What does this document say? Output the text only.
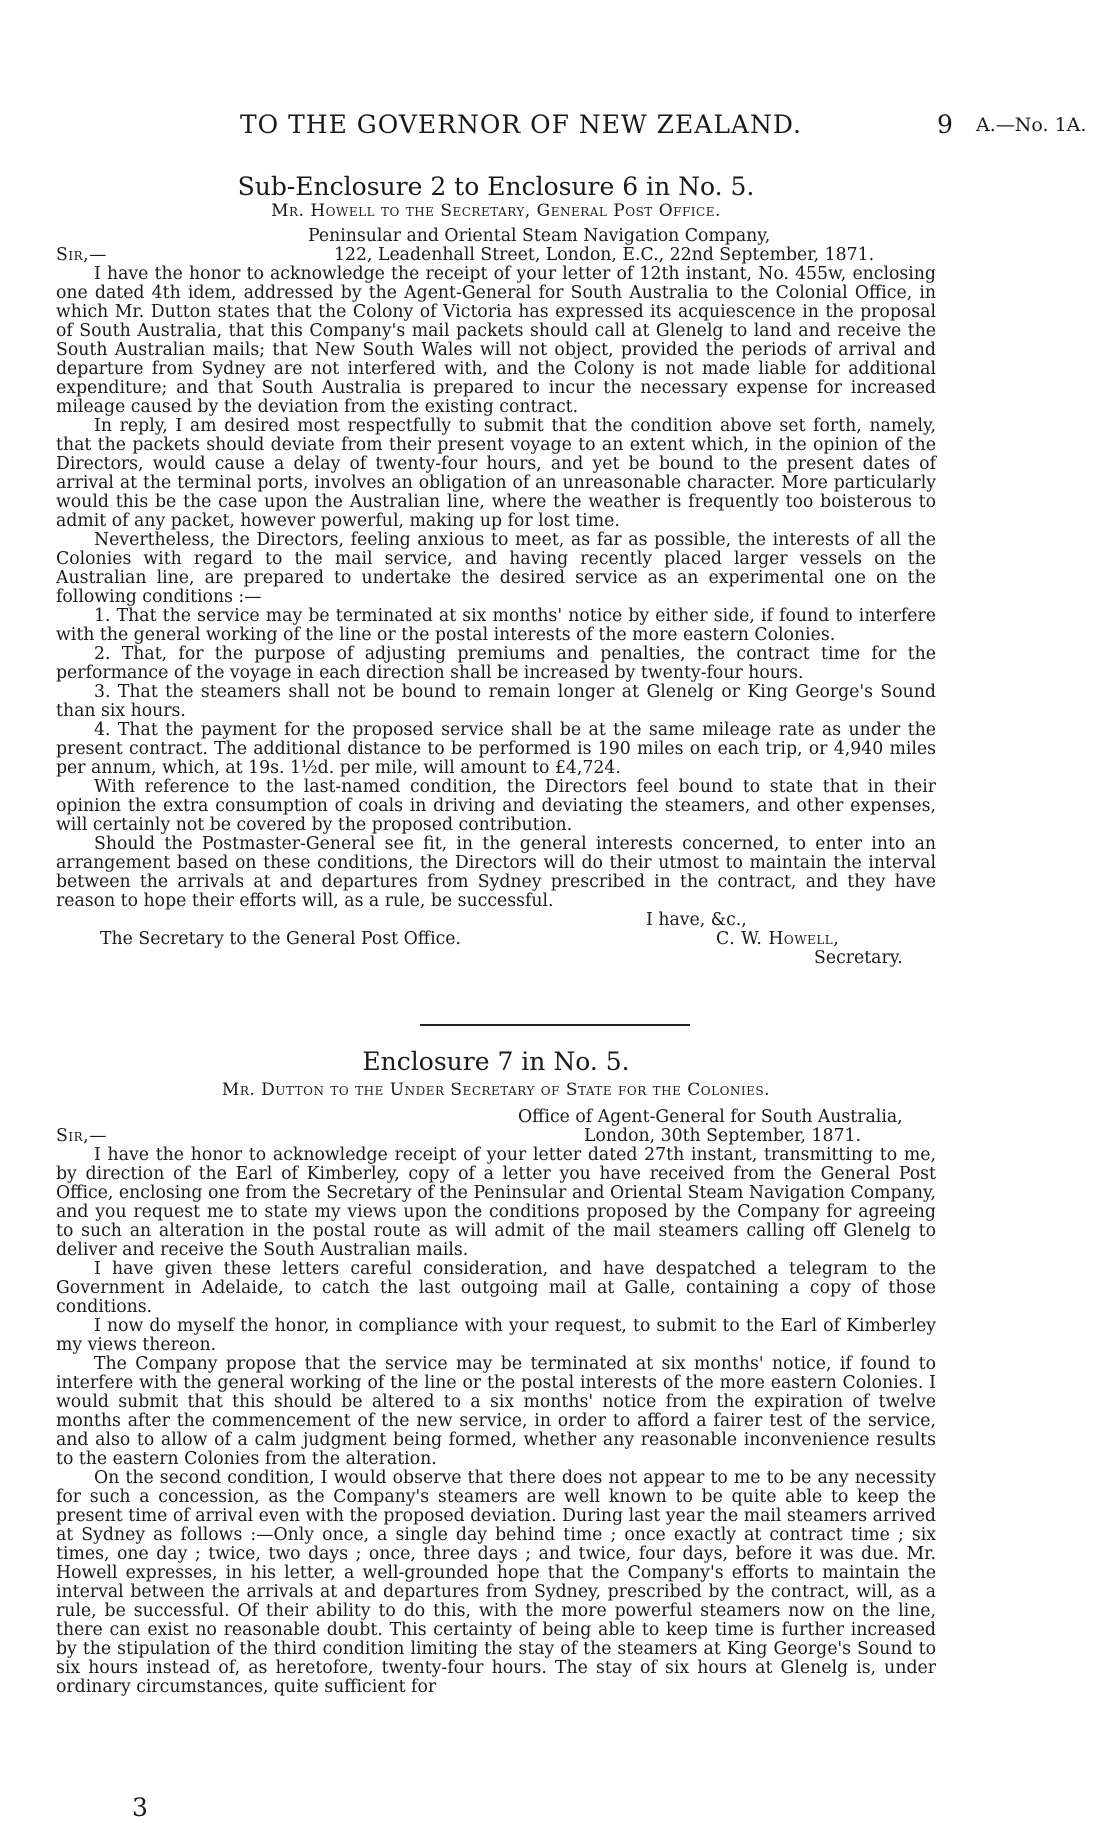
TO THE GOVERNOR OF NEW ZEALAND.	9 A.—No. 1A.

Sub-Enclosure 2 to Enclosure 6 in No. 5.

Mr. Howell to the Secretary, General Post Office.

Peninsular and Oriental Steam Navigation Company,
Sir,—	122, Leadenhall Street, London, E.C., 22nd September, 1871.

I have the honor to acknowledge the receipt of your letter of 12th instant, No. 455w, enclosing one dated 4th idem, addressed by the Agent-General for South Australia to the Colonial Office, in which Mr. Dutton states that the Colony of Victoria has expressed its acquiescence in the proposal of South Australia, that this Company's mail packets should call at Glenelg to land and receive the South Australian mails; that New South Wales will not object, provided the periods of arrival and departure from Sydney are not interfered with, and the Colony is not made liable for additional expenditure; and that South Australia is prepared to incur the necessary expense for increased mileage caused by the deviation from the existing contract.

In reply, I am desired most respectfully to submit that the condition above set forth, namely, that the packets should deviate from their present voyage to an extent which, in the opinion of the Directors, would cause a delay of twenty-four hours, and yet be bound to the present dates of arrival at the terminal ports, involves an obligation of an unreasonable character. More particularly would this be the case upon the Australian line, where the weather is frequently too boisterous to admit of any packet, however powerful, making up for lost time.

Nevertheless, the Directors, feeling anxious to meet, as far as possible, the interests of all the Colonies with regard to the mail service, and having recently placed larger vessels on the Australian line, are prepared to undertake the desired service as an experimental one on the following conditions :—

1. That the service may be terminated at six months' notice by either side, if found to interfere with the general working of the line or the postal interests of the more eastern Colonies.

2. That, for the purpose of adjusting premiums and penalties, the contract time for the performance of the voyage in each direction shall be increased by twenty-four hours.

3. That the steamers shall not be bound to remain longer at Glenelg or King George's Sound than six hours.

4. That the payment for the proposed service shall be at the same mileage rate as under the present contract. The additional distance to be performed is 190 miles on each trip, or 4,940 miles per annum, which, at 19s. 1½d. per mile, will amount to £4,724.

With reference to the last-named condition, the Directors feel bound to state that in their opinion the extra consumption of coals in driving and deviating the steamers, and other expenses, will certainly not be covered by the proposed contribution.

Should the Postmaster-General see fit, in the general interests concerned, to enter into an arrangement based on these conditions, the Directors will do their utmost to maintain the interval between the arrivals at and departures from Sydney prescribed in the contract, and they have reason to hope their efforts will, as a rule, be successful.

I have, &c.,
The Secretary to the General Post Office.	C. W. Howell,
Secretary.

Enclosure 7 in No. 5.

Mr. Dutton to the Under Secretary of State for the Colonies.

Office of Agent-General for South Australia,
Sir,—	London, 30th September, 1871.

I have the honor to acknowledge receipt of your letter dated 27th instant, transmitting to me, by direction of the Earl of Kimberley, copy of a letter you have received from the General Post Office, enclosing one from the Secretary of the Peninsular and Oriental Steam Navigation Company, and you request me to state my views upon the conditions proposed by the Company for agreeing to such an alteration in the postal route as will admit of the mail steamers calling off Glenelg to deliver and receive the South Australian mails.

I have given these letters careful consideration, and have despatched a telegram to the Government in Adelaide, to catch the last outgoing mail at Galle, containing a copy of those conditions.

I now do myself the honor, in compliance with your request, to submit to the Earl of Kimberley my views thereon.

The Company propose that the service may be terminated at six months' notice, if found to interfere with the general working of the line or the postal interests of the more eastern Colonies. I would submit that this should be altered to a six months' notice from the expiration of twelve months after the commencement of the new service, in order to afford a fairer test of the service, and also to allow of a calm judgment being formed, whether any reasonable inconvenience results to the eastern Colonies from the alteration.

On the second condition, I would observe that there does not appear to me to be any necessity for such a concession, as the Company's steamers are well known to be quite able to keep the present time of arrival even with the proposed deviation. During last year the mail steamers arrived at Sydney as follows :—Only once, a single day behind time ; once exactly at contract time ; six times, one day ; twice, two days ; once, three days ; and twice, four days, before it was due. Mr. Howell expresses, in his letter, a well-grounded hope that the Company's efforts to maintain the interval between the arrivals at and departures from Sydney, prescribed by the contract, will, as a rule, be successful. Of their ability to do this, with the more powerful steamers now on the line, there can exist no reasonable doubt. This certainty of being able to keep time is further increased by the stipulation of the third condition limiting the stay of the steamers at King George's Sound to six hours instead of, as heretofore, twenty-four hours. The stay of six hours at Glenelg is, under ordinary circumstances, quite sufficient for

3
